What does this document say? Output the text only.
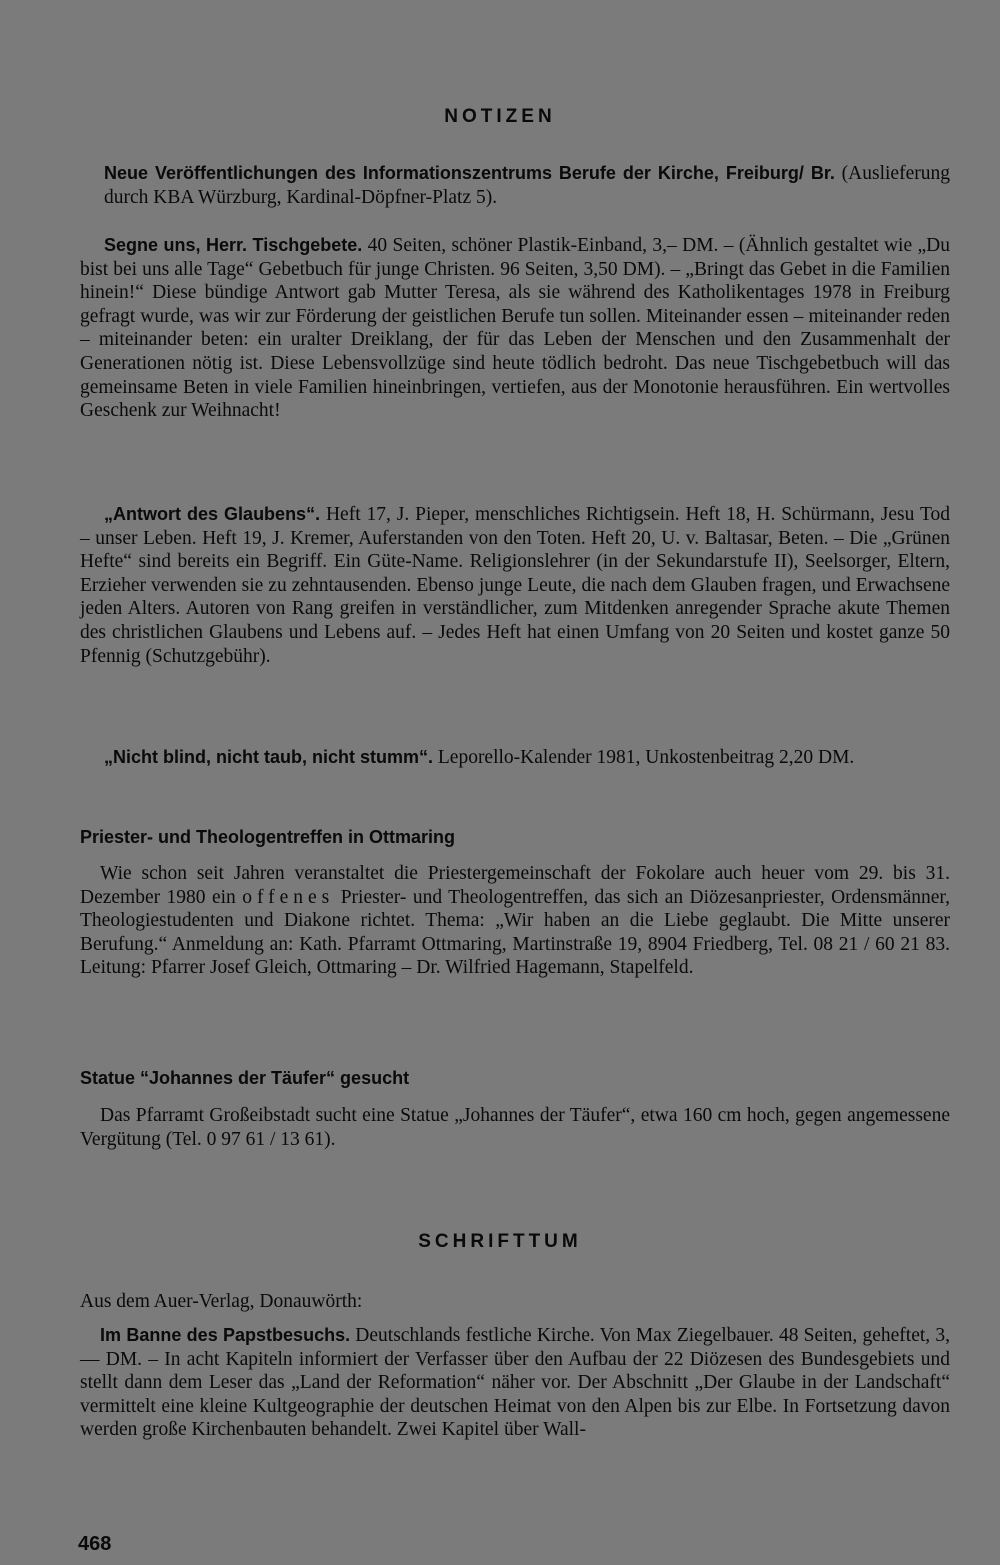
NOTIZEN

Neue Veröffentlichungen des Informationszentrums Berufe der Kirche, Freiburg/ Br. (Auslieferung durch KBA Würzburg, Kardinal-Döpfner-Platz 5).

Segne uns, Herr. Tischgebete. 40 Seiten, schöner Plastik-Einband, 3,– DM. – (Ähnlich gestaltet wie „Du bist bei uns alle Tage“ Gebetbuch für junge Christen. 96 Seiten, 3,50 DM). – „Bringt das Gebet in die Familien hinein!“ Diese bündige Antwort gab Mutter Teresa, als sie während des Katholikentages 1978 in Freiburg gefragt wurde, was wir zur Förderung der geistlichen Berufe tun sollen. Miteinander essen – miteinander reden – miteinander beten: ein uralter Dreiklang, der für das Leben der Menschen und den Zusammenhalt der Generationen nötig ist. Diese Lebensvollzüge sind heute tödlich bedroht. Das neue Tischgebetbuch will das gemeinsame Beten in viele Familien hineinbringen, vertiefen, aus der Monotonie herausführen. Ein wertvolles Geschenk zur Weihnacht!

„Antwort des Glaubens“. Heft 17, J. Pieper, menschliches Richtigsein. Heft 18, H. Schürmann, Jesu Tod – unser Leben. Heft 19, J. Kremer, Auferstanden von den Toten. Heft 20, U. v. Baltasar, Beten. – Die „Grünen Hefte“ sind bereits ein Begriff. Ein Güte-Name. Religionslehrer (in der Sekundarstufe II), Seelsorger, Eltern, Erzieher verwenden sie zu zehntausenden. Ebenso junge Leute, die nach dem Glauben fragen, und Erwachsene jeden Alters. Autoren von Rang greifen in verständlicher, zum Mitdenken anregender Sprache akute Themen des christlichen Glaubens und Lebens auf. – Jedes Heft hat einen Umfang von 20 Seiten und kostet ganze 50 Pfennig (Schutzgebühr).

„Nicht blind, nicht taub, nicht stumm“. Leporello-Kalender 1981, Unkostenbeitrag 2,20 DM.

Priester- und Theologentreffen in Ottmaring

Wie schon seit Jahren veranstaltet die Priestergemeinschaft der Fokolare auch heuer vom 29. bis 31. Dezember 1980 ein offenes Priester- und Theologentreffen, das sich an Diözesanpriester, Ordensmänner, Theologiestudenten und Diakone richtet. Thema: „Wir haben an die Liebe geglaubt. Die Mitte unserer Berufung.“ Anmeldung an: Kath. Pfarramt Ottmaring, Martinstraße 19, 8904 Friedberg, Tel. 08 21 / 60 21 83. Leitung: Pfarrer Josef Gleich, Ottmaring – Dr. Wilfried Hagemann, Stapelfeld.

Statue “Johannes der Täufer“ gesucht

Das Pfarramt Großeibstadt sucht eine Statue „Johannes der Täufer“, etwa 160 cm hoch, gegen angemessene Vergütung (Tel. 0 97 61 / 13 61).

SCHRIFTTUM

Aus dem Auer-Verlag, Donauwörth:

Im Banne des Papstbesuchs. Deutschlands festliche Kirche. Von Max Ziegelbauer. 48 Seiten, geheftet, 3,— DM. – In acht Kapiteln informiert der Verfasser über den Aufbau der 22 Diözesen des Bundesgebiets und stellt dann dem Leser das „Land der Reformation“ näher vor. Der Abschnitt „Der Glaube in der Landschaft“ vermittelt eine kleine Kultgeographie der deutschen Heimat von den Alpen bis zur Elbe. In Fortsetzung davon werden große Kirchenbauten behandelt. Zwei Kapitel über Wall-

468
